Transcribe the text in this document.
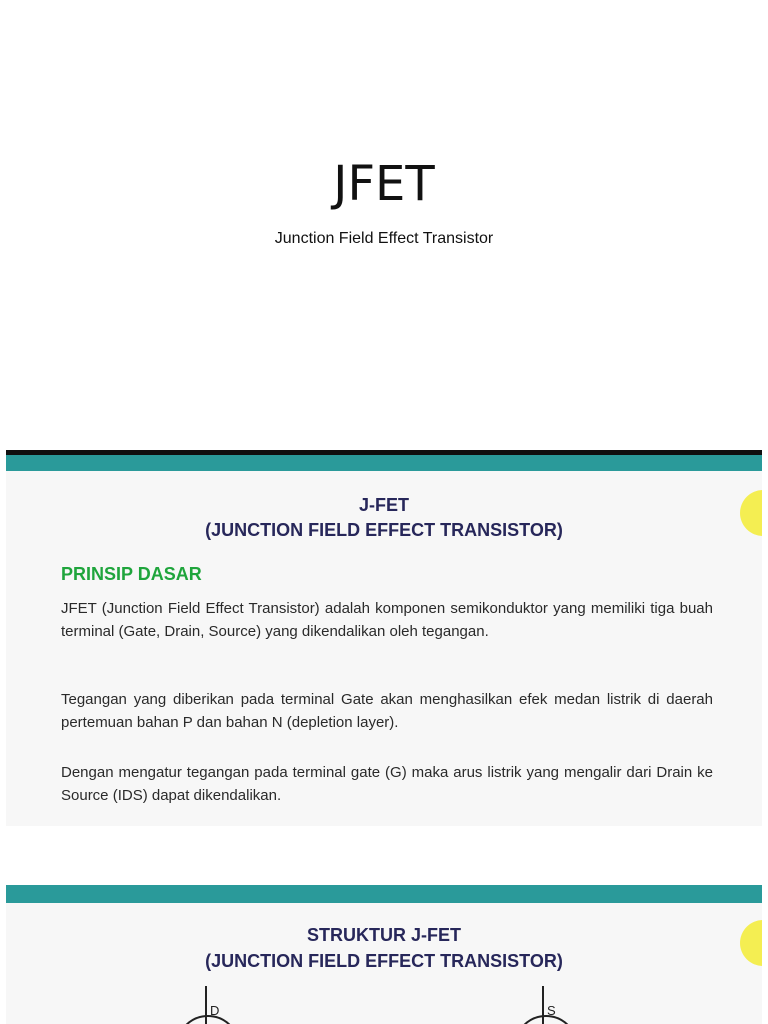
JFET
Junction Field Effect Transistor
J-FET
(JUNCTION FIELD EFFECT TRANSISTOR)
PRINSIP DASAR
JFET (Junction Field Effect Transistor) adalah komponen semikonduktor yang memiliki tiga buah terminal (Gate, Drain, Source) yang dikendalikan oleh tegangan.
Tegangan yang diberikan pada terminal Gate akan menghasilkan efek medan listrik di daerah pertemuan bahan P dan bahan N (depletion layer).
Dengan mengatur tegangan pada terminal gate (G) maka arus listrik yang mengalir dari Drain ke Source (IDS) dapat dikendalikan.
STRUKTUR J-FET
(JUNCTION FIELD EFFECT TRANSISTOR)
D	S
